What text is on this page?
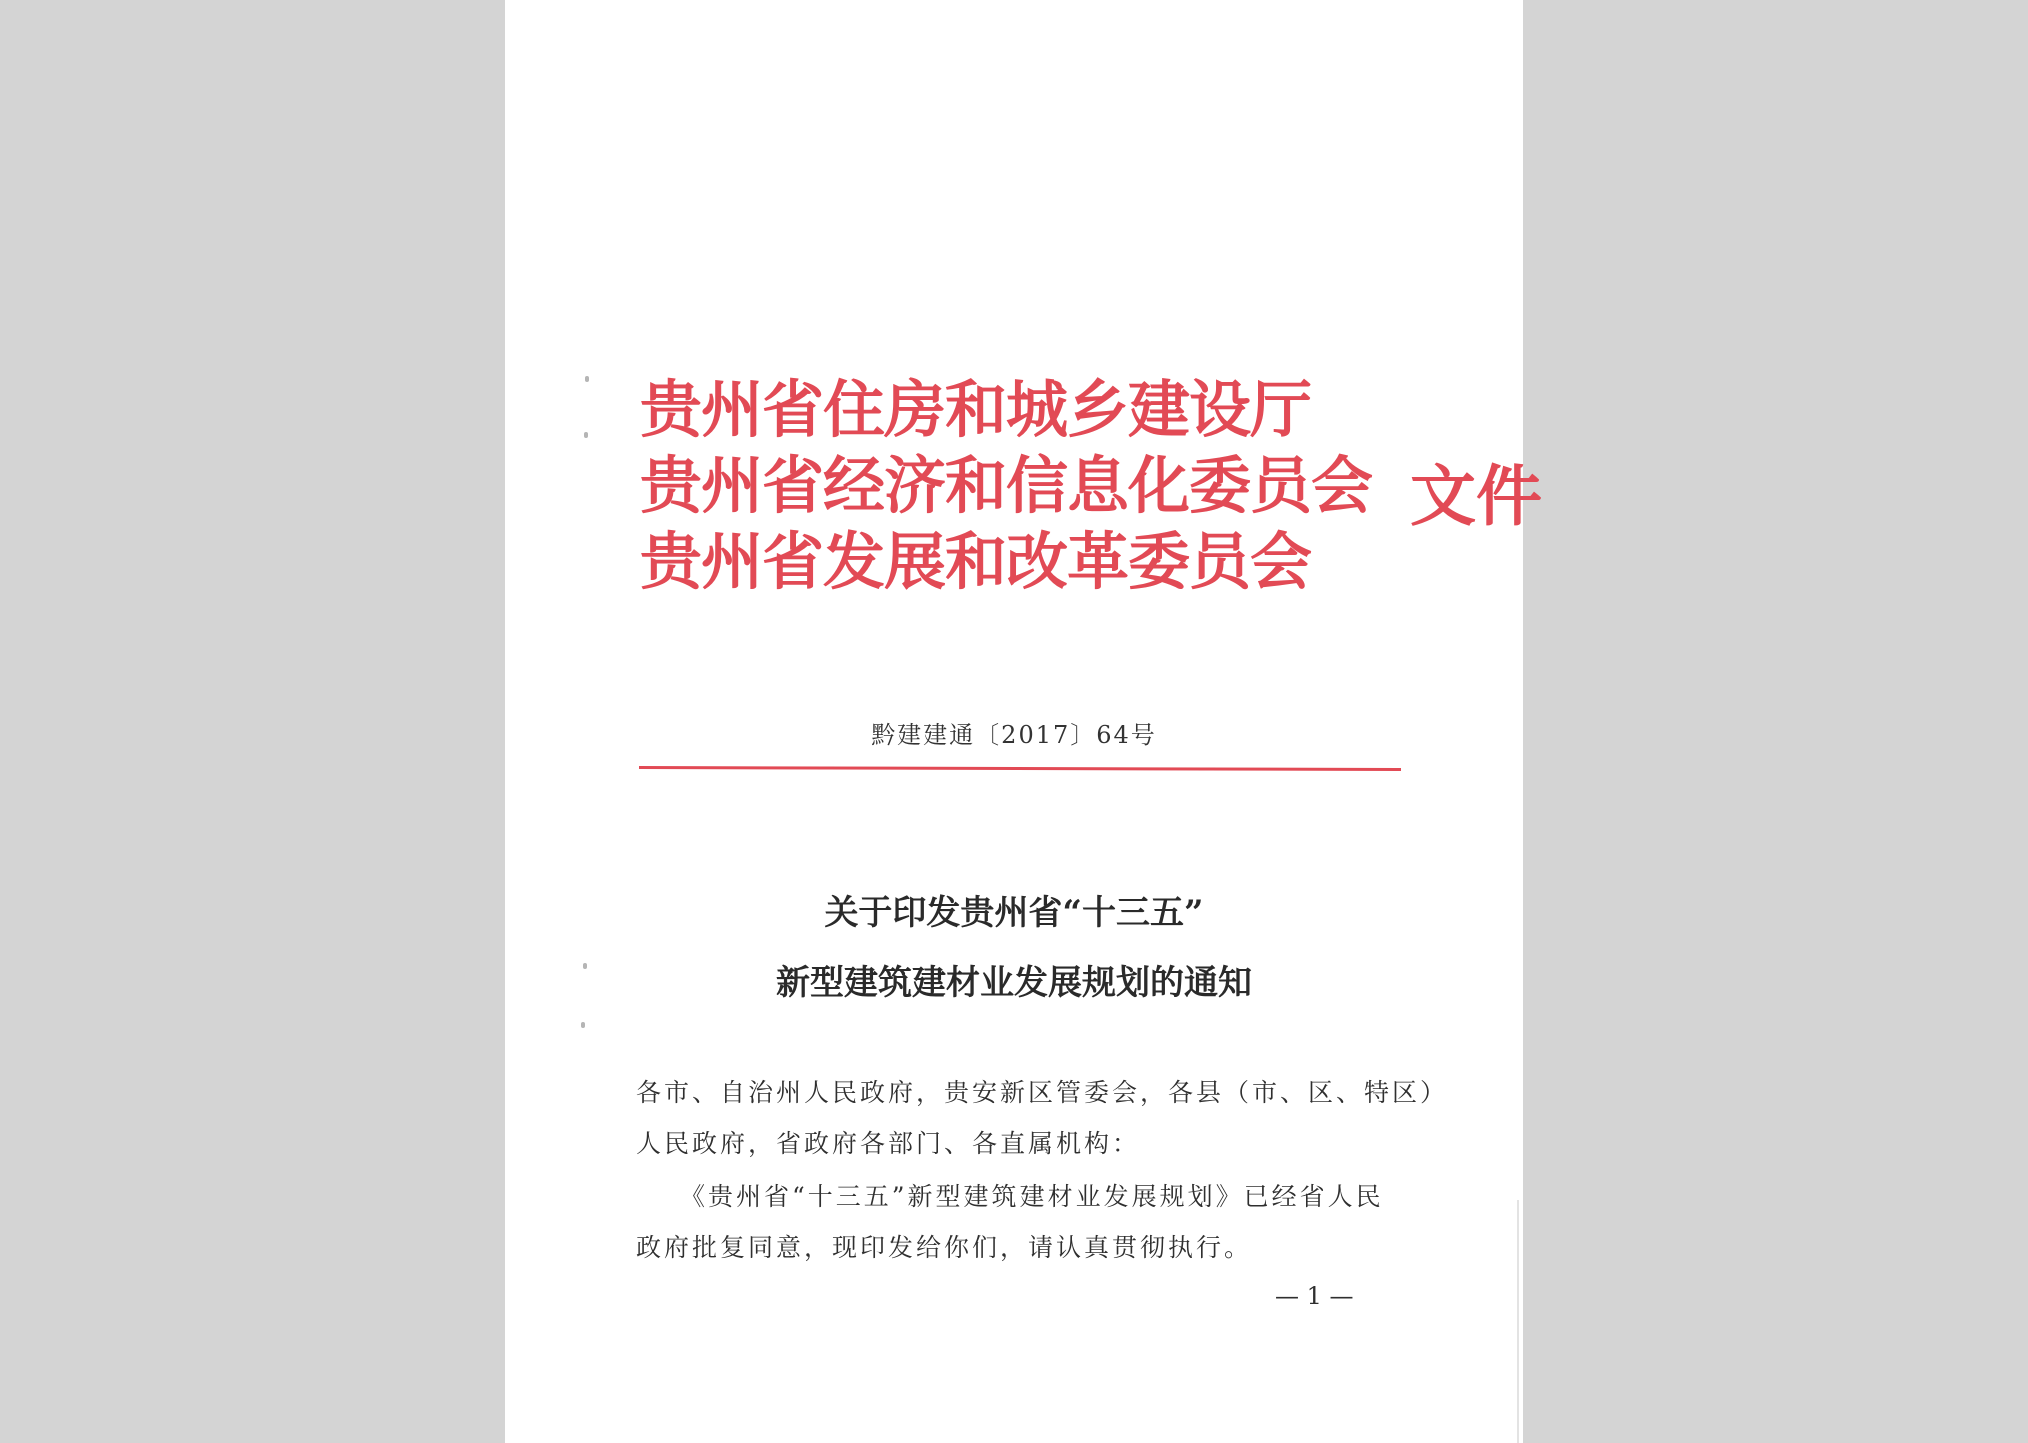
贵州省住房和城乡建设厅
贵州省经济和信息化委员会
贵州省发展和改革委员会
文件
黔建建通〔2017〕64号
关于印发贵州省“十三五”
新型建筑建材业发展规划的通知
各市、自治州人民政府，贵安新区管委会，各县（市、区、特区）
人民政府，省政府各部门、各直属机构：
《贵州省“十三五”新型建筑建材业发展规划》已经省人民
政府批复同意，现印发给你们，请认真贯彻执行。
— 1 —
